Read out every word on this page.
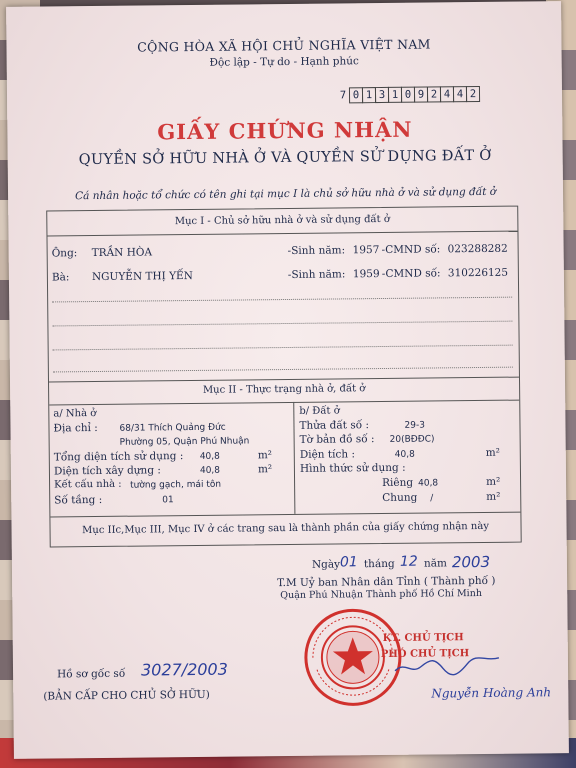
CỘNG HÒA XÃ HỘI CHỦ NGHĨA VIỆT NAM
Độc lập - Tự do - Hạnh phúc
7 0 1 3 1 0 9 2 4 4 2
GIẤY CHỨNG NHẬN
QUYỀN SỞ HỮU NHÀ Ở VÀ QUYỀN SỬ DỤNG ĐẤT Ở
Cá nhân hoặc tổ chức có tên ghi tại mục I là chủ sở hữu nhà ở và sử dụng đất ở
Mục I - Chủ sở hữu nhà ở và sử dụng đất ở
Ông: TRẦN HÒA	-Sinh năm: 1957 -CMND số: 023288282
Bà: NGUYỄN THỊ YẾN	-Sinh năm: 1959 -CMND số: 310226125
Mục II - Thực trạng nhà ở, đất ở
a/ Nhà ở
Địa chỉ : 68/31 Thích Quảng Đức
Phường 05, Quận Phú Nhuận
Tổng diện tích sử dụng : 40,8	m²
Diện tích xây dựng :	40,8	m²
Kết cấu nhà : tường gạch, mái tôn
Số tầng :	01
b/ Đất ở
Thửa đất số :	29-3
Tờ bản đồ số : 20(BĐĐC)
Diện tích :	40,8	m²
Hình thức sử dụng :
Riêng 40,8	m²
Chung /	m²
Mục IIc,Mục III, Mục IV ở các trang sau là thành phần của giấy chứng nhận này
Ngày 01 tháng 12 năm 2003
T.M Uỷ ban Nhân dân Tỉnh ( Thành phố )
Quận Phú Nhuận Thành phố Hồ Chí Minh
KT. CHỦ TỊCH
PHÓ CHỦ TỊCH
Nguyễn Hoàng Anh
Hồ sơ gốc số 3027/2003
(BẢN CẤP CHO CHỦ SỞ HỮU)
